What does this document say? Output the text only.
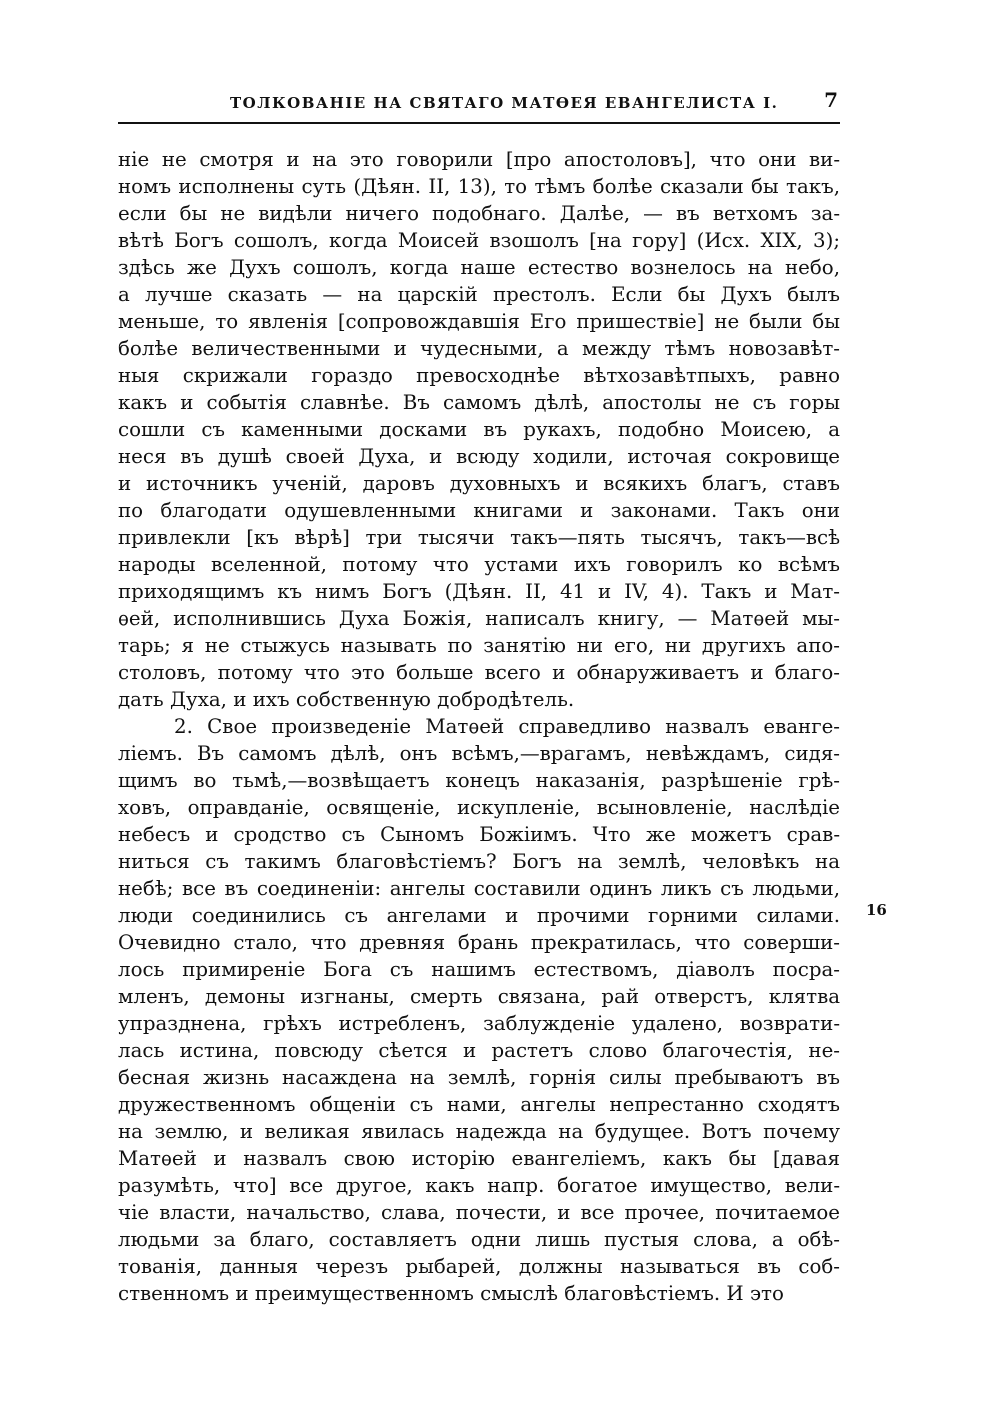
ТОЛКОВАНІЕ НА СВЯТАГО МАТѲЕЯ ЕВАНГЕЛИСТА I. 7
ніе не смотря и на это говорили [про апостоловъ], что они ви-
номъ исполнены суть (Дѣян. II, 13), то тѣмъ болѣе сказали бы такъ,
если бы не видѣли ничего подобнаго. Далѣе, — въ ветхомъ за-
вѣтѣ Богъ сошолъ, когда Моисей взошолъ [на гору] (Исх. XIX, 3);
здѣсь же Духъ сошолъ, когда наше естество вознелось на небо,
а лучше сказать — на царскій престолъ. Если бы Духъ былъ
меньше, то явленія [сопровождавшія Его пришествіе] не были бы
болѣе величественными и чудесными, а между тѣмъ новозавѣт-
ныя скрижали гораздо превосходнѣе вѣтхозавѣтпыхъ, равно
какъ и событія славнѣе. Въ самомъ дѣлѣ, апостолы не съ горы
сошли съ каменными досками въ рукахъ, подобно Моисею, а
неся въ душѣ своей Духа, и всюду ходили, источая сокровище
и источникъ ученій, даровъ духовныхъ и всякихъ благъ, ставъ
по благодати одушевленными книгами и законами. Такъ они
привлекли [къ вѣрѣ] три тысячи такъ—пять тысячъ, такъ—всѣ
народы вселенной, потому что устами ихъ говорилъ ко всѣмъ
приходящимъ къ нимъ Богъ (Дѣян. II, 41 и IV, 4). Такъ и Мат-
ѳей, исполнившись Духа Божія, написалъ книгу, — Матѳей мы-
тарь; я не стыжусь называть по занятію ни его, ни другихъ апо-
столовъ, потому что это больше всего и обнаруживаетъ и благо-
дать Духа, и ихъ собственную добродѣтель.
2. Свое произведеніе Матѳей справедливо назвалъ еванге-
ліемъ. Въ самомъ дѣлѣ, онъ всѣмъ,—врагамъ, невѣждамъ, сидя-
щимъ во тьмѣ,—возвѣщаетъ конецъ наказанія, разрѣшеніе грѣ-
ховъ, оправданіе, освященіе, искупленіе, всыновленіе, наслѣдіе
небесъ и сродство съ Сыномъ Божіимъ. Что же можетъ срав-
ниться съ такимъ благовѣстіемъ? Богъ на землѣ, человѣкъ на
небѣ; все въ соединеніи: ангелы составили одинъ ликъ съ людьми,
люди соединились съ ангелами и прочими горними силами.
Очевидно стало, что древняя брань прекратилась, что соверши-
лось примиреніе Бога съ нашимъ естествомъ, діаволъ посра-
мленъ, демоны изгнаны, смерть связана, рай отверстъ, клятва
упразднена, грѣхъ истребленъ, заблужденіе удалено, возврати-
лась истина, повсюду сѣется и растетъ слово благочестія, не-
бесная жизнь насаждена на землѣ, горнія силы пребываютъ въ
дружественномъ общеніи съ нами, ангелы непрестанно сходятъ
на землю, и великая явилась надежда на будущее. Вотъ почему
Матѳей и назвалъ свою исторію евангеліемъ, какъ бы [давая
разумѣть, что] все другое, какъ напр. богатое имущество, вели-
чіе власти, начальство, слава, почести, и все прочее, почитаемое
людьми за благо, составляетъ одни лишь пустыя слова, а обѣ-
тованія, данныя черезъ рыбарей, должны называться въ соб-
ственномъ и преимущественномъ смыслѣ благовѣстіемъ. И это
16
